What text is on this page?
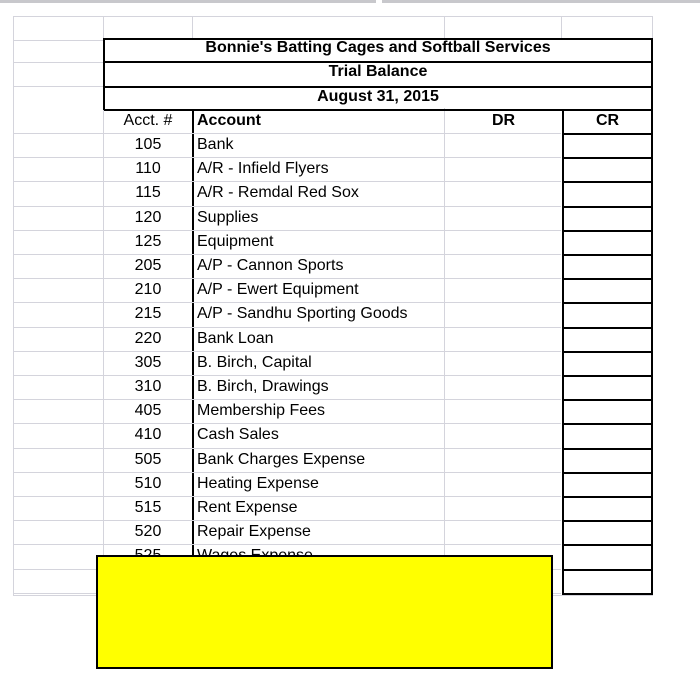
Bonnie's Batting Cages and Softball Services
Trial Balance
August 31, 2015
Acct. #	Account	DR	CR
105	Bank
110	A/R - Infield Flyers
115	A/R - Remdal Red Sox
120	Supplies
125	Equipment
205	A/P - Cannon Sports
210	A/P - Ewert Equipment
215	A/P - Sandhu Sporting Goods
220	Bank Loan
305	B. Birch, Capital
310	B. Birch, Drawings
405	Membership Fees
410	Cash Sales
505	Bank Charges Expense
510	Heating Expense
515	Rent Expense
520	Repair Expense
